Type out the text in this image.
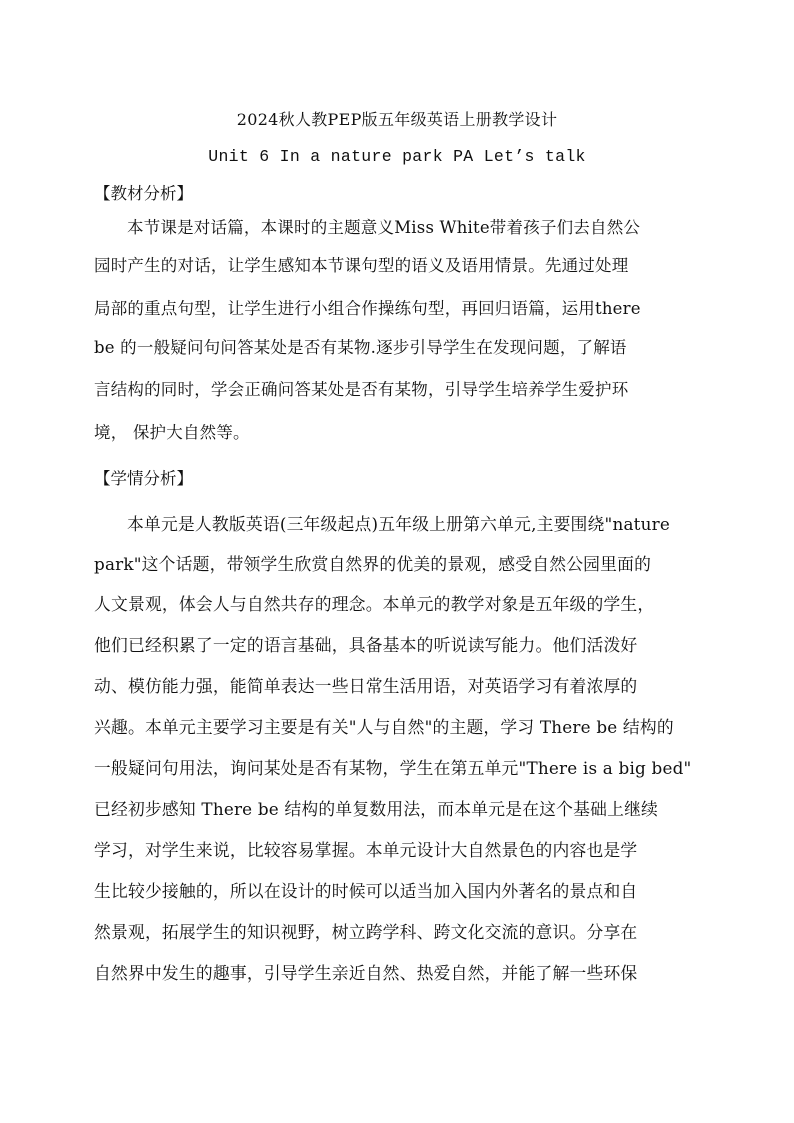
2024秋人教PEP版五年级英语上册教学设计
Unit 6 In a nature park PA Let’s talk
【教材分析】
本节课是对话篇，本课时的主题意义Miss White带着孩子们去自然公
园时产生的对话，让学生感知本节课句型的语义及语用情景。先通过处理
局部的重点句型，让学生进行小组合作操练句型，再回归语篇，运用there
be 的一般疑问句问答某处是否有某物.逐步引导学生在发现问题，了解语
言结构的同时，学会正确问答某处是否有某物，引导学生培养学生爱护环
境， 保护大自然等。
【学情分析】
本单元是人教版英语(三年级起点)五年级上册第六单元,主要围绕"nature
park"这个话题，带领学生欣赏自然界的优美的景观，感受自然公园里面的
人文景观，体会人与自然共存的理念。本单元的教学对象是五年级的学生，
他们已经积累了一定的语言基础，具备基本的听说读写能力。他们活泼好
动、模仿能力强，能简单表达一些日常生活用语，对英语学习有着浓厚的
兴趣。本单元主要学习主要是有关"人与自然"的主题，学习 There be 结构的
一般疑问句用法，询问某处是否有某物，学生在第五单元"There is a big bed"
已经初步感知 There be 结构的单复数用法，而本单元是在这个基础上继续
学习，对学生来说，比较容易掌握。本单元设计大自然景色的内容也是学
生比较少接触的，所以在设计的时候可以适当加入国内外著名的景点和自
然景观，拓展学生的知识视野，树立跨学科、跨文化交流的意识。分享在
自然界中发生的趣事，引导学生亲近自然、热爱自然，并能了解一些环保
